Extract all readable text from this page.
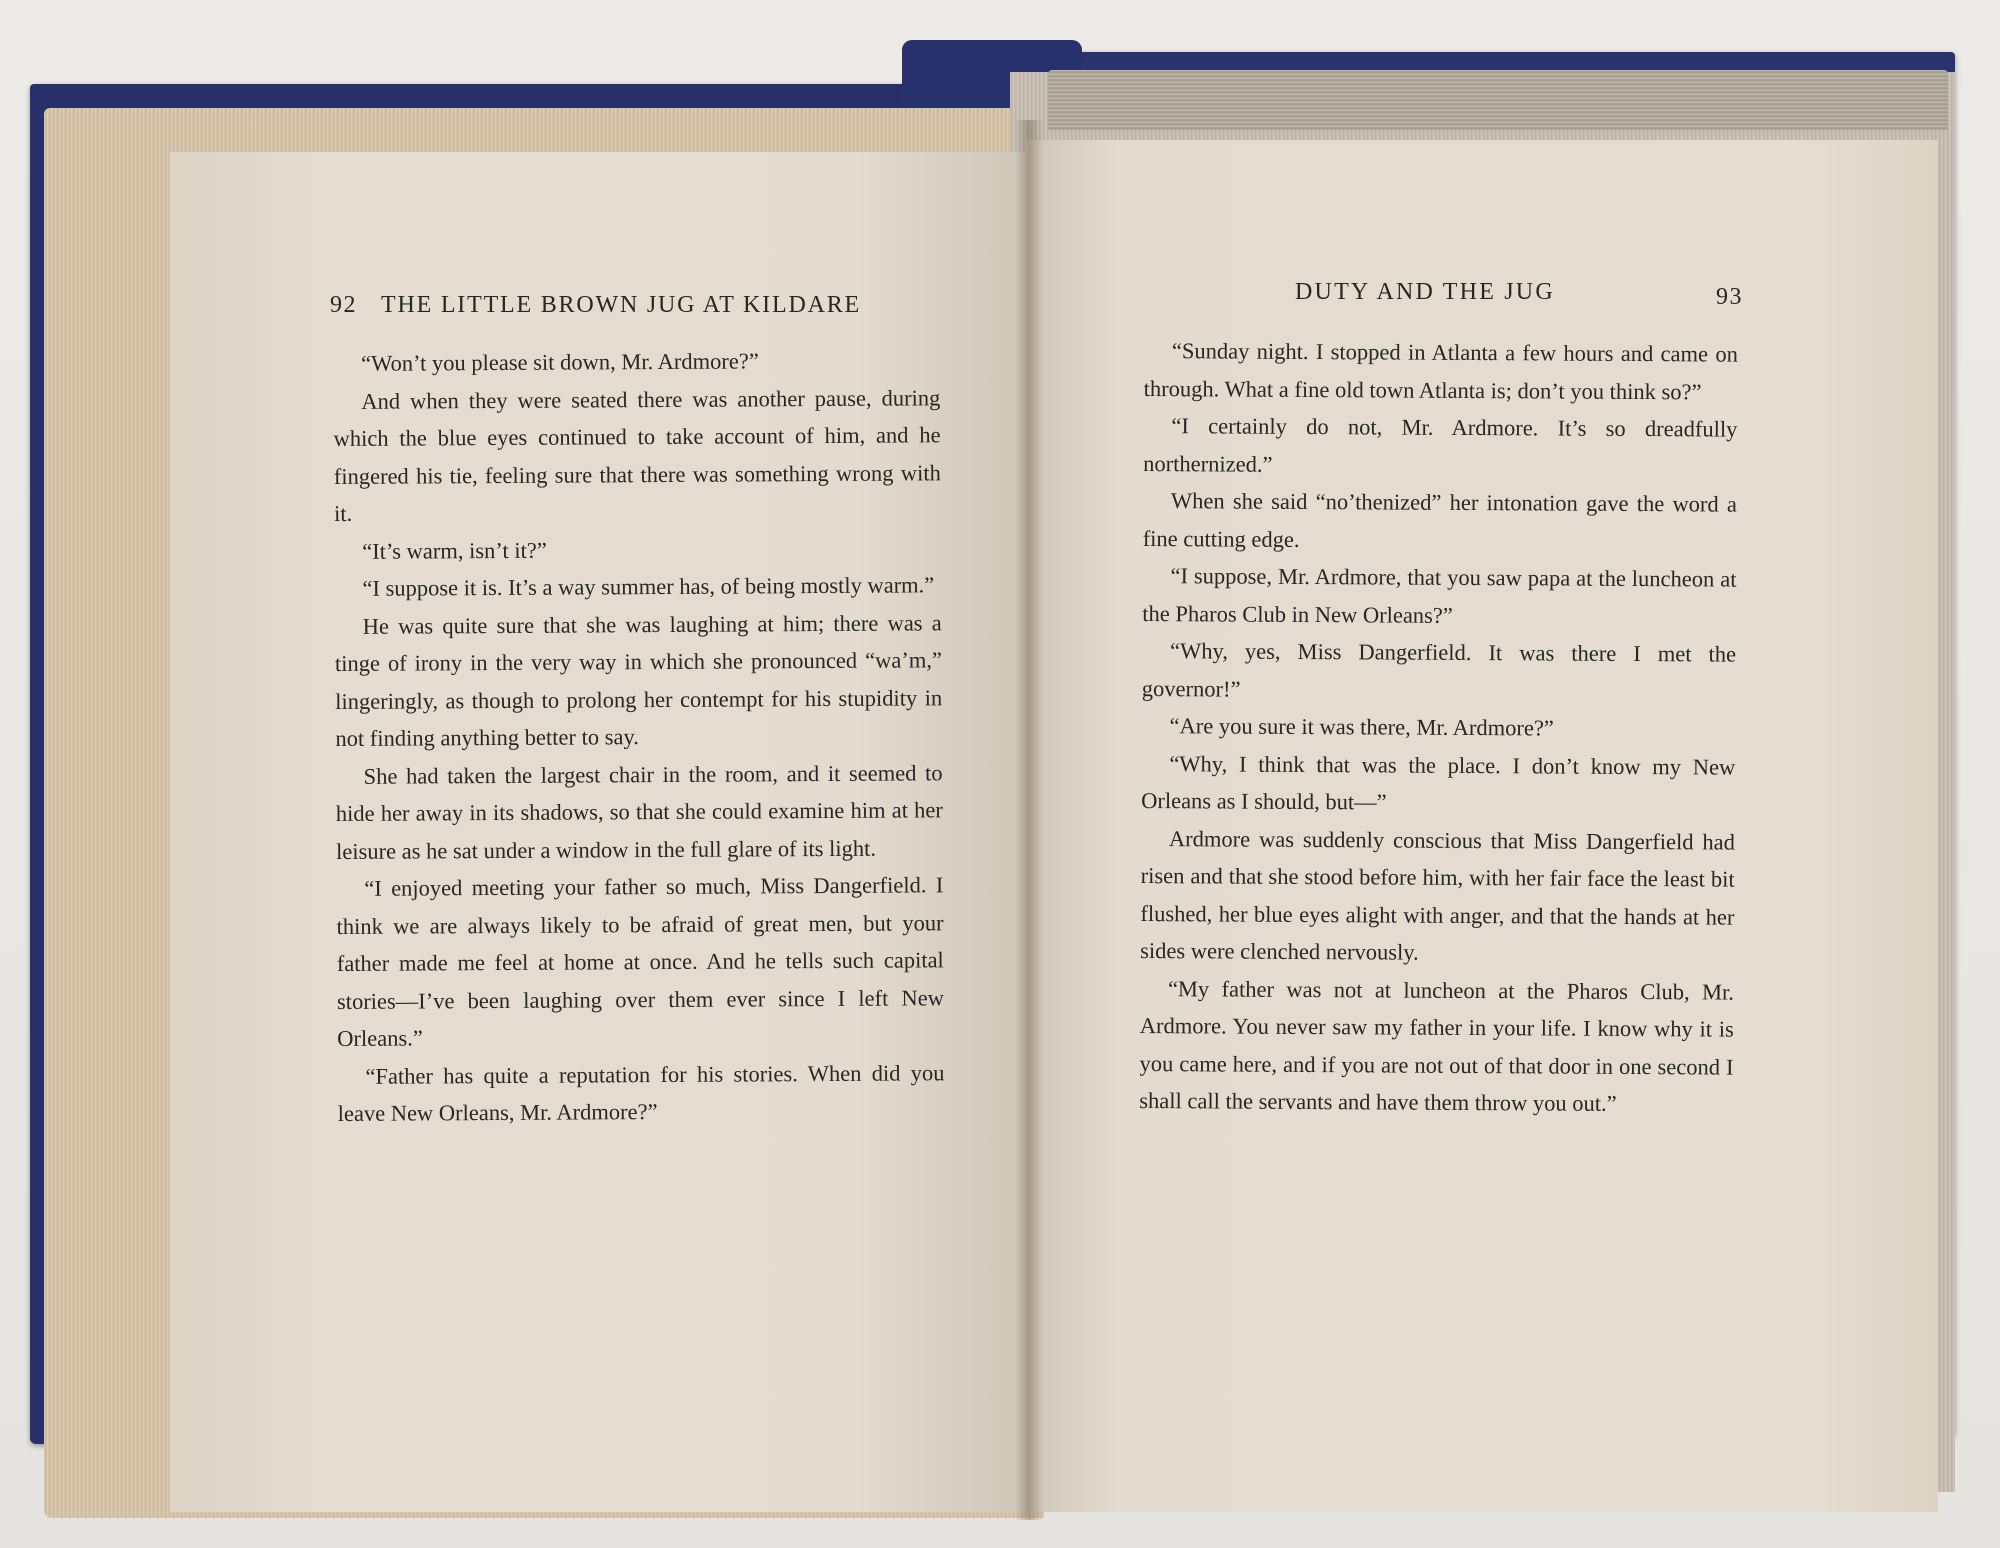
92 THE LITTLE BROWN JUG AT KILDARE	DUTY AND THE JUG	93

“Won’t you please sit down, Mr. Ardmore?”

And when they were seated there was another pause, during which the blue eyes continued to take account of him, and he fingered his tie, feeling sure that there was something wrong with it.

“It’s warm, isn’t it?”

“I suppose it is. It’s a way summer has, of being mostly warm.”

He was quite sure that she was laughing at him; there was a tinge of irony in the very way in which she pronounced “wa’m,” lingeringly, as though to prolong her contempt for his stupidity in not finding anything better to say.

She had taken the largest chair in the room, and it seemed to hide her away in its shadows, so that she could examine him at her leisure as he sat under a window in the full glare of its light.

“I enjoyed meeting your father so much, Miss Dangerfield. I think we are always likely to be afraid of great men, but your father made me feel at home at once. And he tells such capital stories—I’ve been laughing over them ever since I left New Orleans.”

“Father has quite a reputation for his stories. When did you leave New Orleans, Mr. Ardmore?”

“Sunday night. I stopped in Atlanta a few hours and came on through. What a fine old town Atlanta is; don’t you think so?”

“I certainly do not, Mr. Ardmore. It’s so dreadfully northernized.”

When she said “no’thenized” her intonation gave the word a fine cutting edge.

“I suppose, Mr. Ardmore, that you saw papa at the luncheon at the Pharos Club in New Orleans?”

“Why, yes, Miss Dangerfield. It was there I met the governor!”

“Are you sure it was there, Mr. Ardmore?”

“Why, I think that was the place. I don’t know my New Orleans as I should, but—”

Ardmore was suddenly conscious that Miss Dangerfield had risen and that she stood before him, with her fair face the least bit flushed, her blue eyes alight with anger, and that the hands at her sides were clenched nervously.

“My father was not at luncheon at the Pharos Club, Mr. Ardmore. You never saw my father in your life. I know why it is you came here, and if you are not out of that door in one second I shall call the servants and have them throw you out.”
